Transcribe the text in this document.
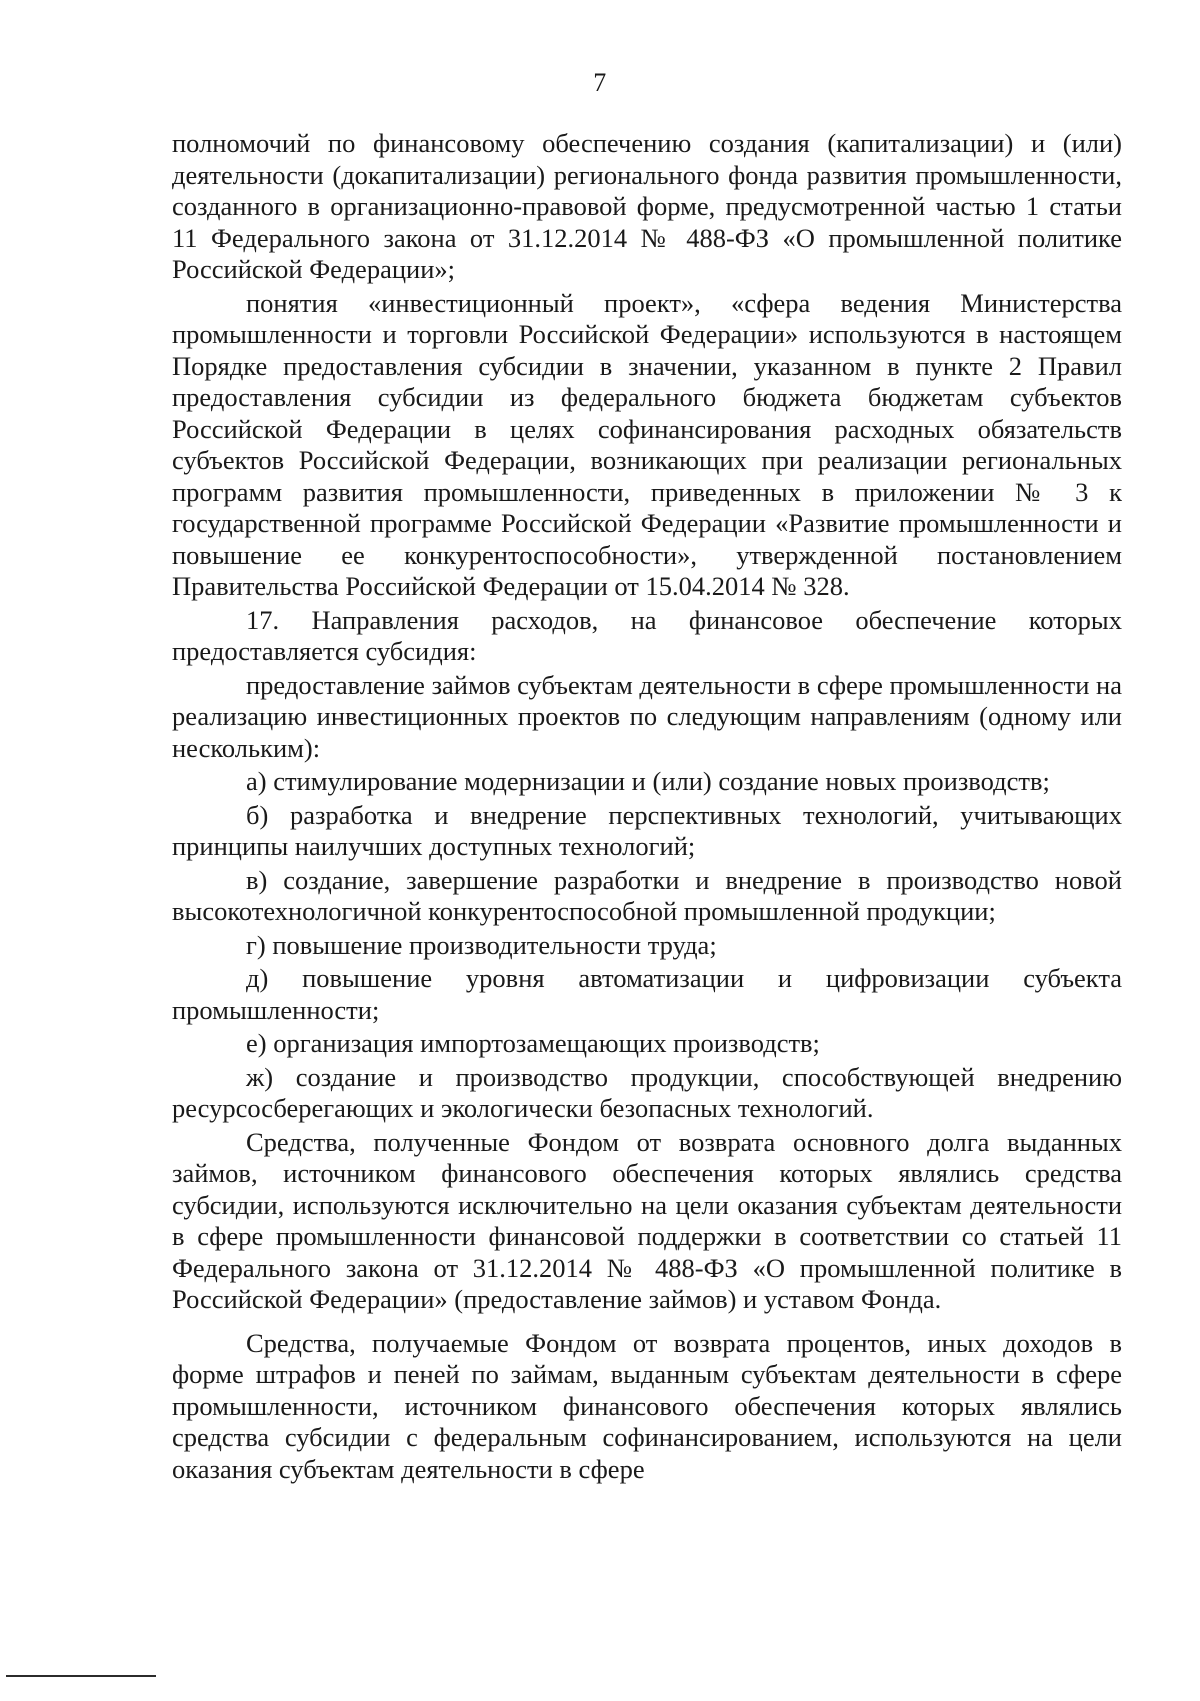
7

полномочий по финансовому обеспечению создания (капитализации) и (или) деятельности (докапитализации) регионального фонда развития промышленности, созданного в организационно-правовой форме, предусмотренной частью 1 статьи 11 Федерального закона от 31.12.2014 № 488-ФЗ «О промышленной политике Российской Федерации»;

понятия «инвестиционный проект», «сфера ведения Министерства промышленности и торговли Российской Федерации» используются в настоящем Порядке предоставления субсидии в значении, указанном в пункте 2 Правил предоставления субсидии из федерального бюджета бюджетам субъектов Российской Федерации в целях софинансирования расходных обязательств субъектов Российской Федерации, возникающих при реализации региональных программ развития промышленности, приведенных в приложении № 3 к государственной программе Российской Федерации «Развитие промышленности и повышение ее конкурентоспособности», утвержденной постановлением Правительства Российской Федерации от 15.04.2014 № 328.

17. Направления расходов, на финансовое обеспечение которых предоставляется субсидия:

предоставление займов субъектам деятельности в сфере промышленности на реализацию инвестиционных проектов по следующим направлениям (одному или нескольким):

а) стимулирование модернизации и (или) создание новых производств;

б) разработка и внедрение перспективных технологий, учитывающих принципы наилучших доступных технологий;

в) создание, завершение разработки и внедрение в производство новой высокотехнологичной конкурентоспособной промышленной продукции;

г) повышение производительности труда;

д) повышение уровня автоматизации и цифровизации субъекта промышленности;

е) организация импортозамещающих производств;

ж) создание и производство продукции, способствующей внедрению ресурсосберегающих и экологически безопасных технологий.

Средства, полученные Фондом от возврата основного долга выданных займов, источником финансового обеспечения которых являлись средства субсидии, используются исключительно на цели оказания субъектам деятельности в сфере промышленности финансовой поддержки в соответствии со статьей 11 Федерального закона от 31.12.2014 № 488-ФЗ «О промышленной политике в Российской Федерации» (предоставление займов) и уставом Фонда.

Средства, получаемые Фондом от возврата процентов, иных доходов в форме штрафов и пеней по займам, выданным субъектам деятельности в сфере промышленности, источником финансового обеспечения которых являлись средства субсидии с федеральным софинансированием, используются на цели оказания субъектам деятельности в сфере
